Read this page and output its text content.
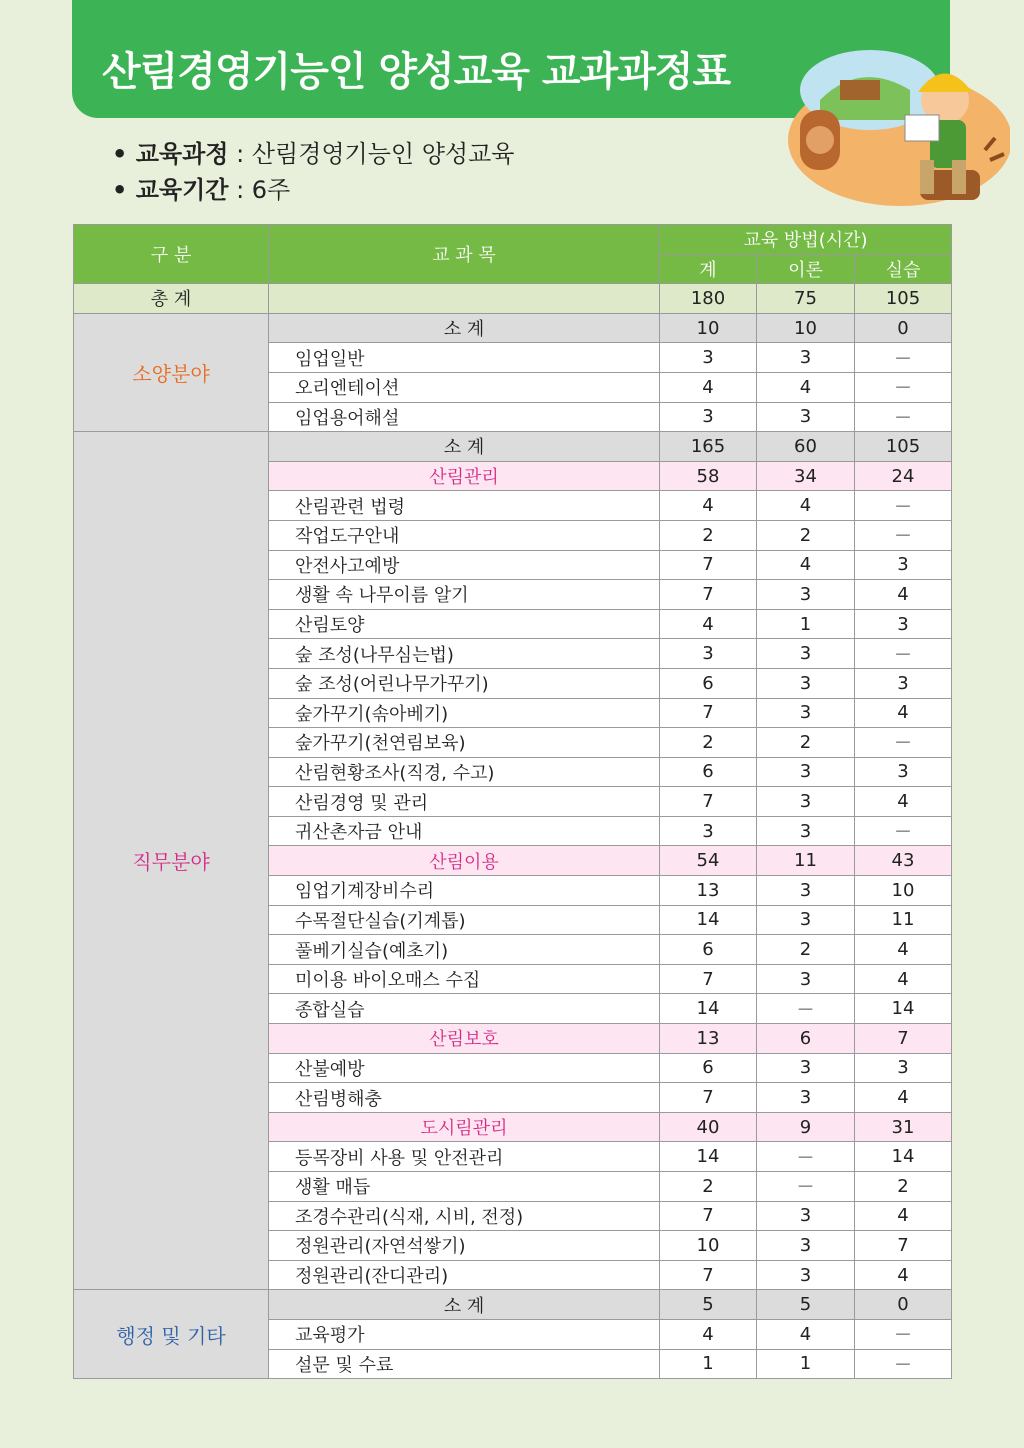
산림경영기능인 양성교육 교과과정표
• 교육과정 : 산림경영기능인 양성교육
• 교육기간 : 6주
구 분	교 과 목	교육 방법(시간)		
		계	이론	실습
총 계		180	75	105
소양분야	소 계	10	10	0
	임업일반	3	3	－
	오리엔테이션	4	4	－
	임업용어해설	3	3	－
직무분야	소 계	165	60	105
	산림관리	58	34	24
	산림관련 법령	4	4	－
	작업도구안내	2	2	－
	안전사고예방	7	4	3
	생활 속 나무이름 알기	7	3	4
	산림토양	4	1	3
	숲 조성(나무심는법)	3	3	－
	숲 조성(어린나무가꾸기)	6	3	3
	숲가꾸기(솎아베기)	7	3	4
	숲가꾸기(천연림보육)	2	2	－
	산림현황조사(직경, 수고)	6	3	3
	산림경영 및 관리	7	3	4
	귀산촌자금 안내	3	3	－
	산림이용	54	11	43
	임업기계장비수리	13	3	10
	수목절단실습(기계톱)	14	3	11
	풀베기실습(예초기)	6	2	4
	미이용 바이오매스 수집	7	3	4
	종합실습	14	－	14
	산림보호	13	6	7
	산불예방	6	3	3
	산림병해충	7	3	4
	도시림관리	40	9	31
	등목장비 사용 및 안전관리	14	－	14
	생활 매듭	2	－	2
	조경수관리(식재, 시비, 전정)	7	3	4
	정원관리(자연석쌓기)	10	3	7
	정원관리(잔디관리)	7	3	4
행정 및 기타	소 계	5	5	0
	교육평가	4	4	－
	설문 및 수료	1	1	－
